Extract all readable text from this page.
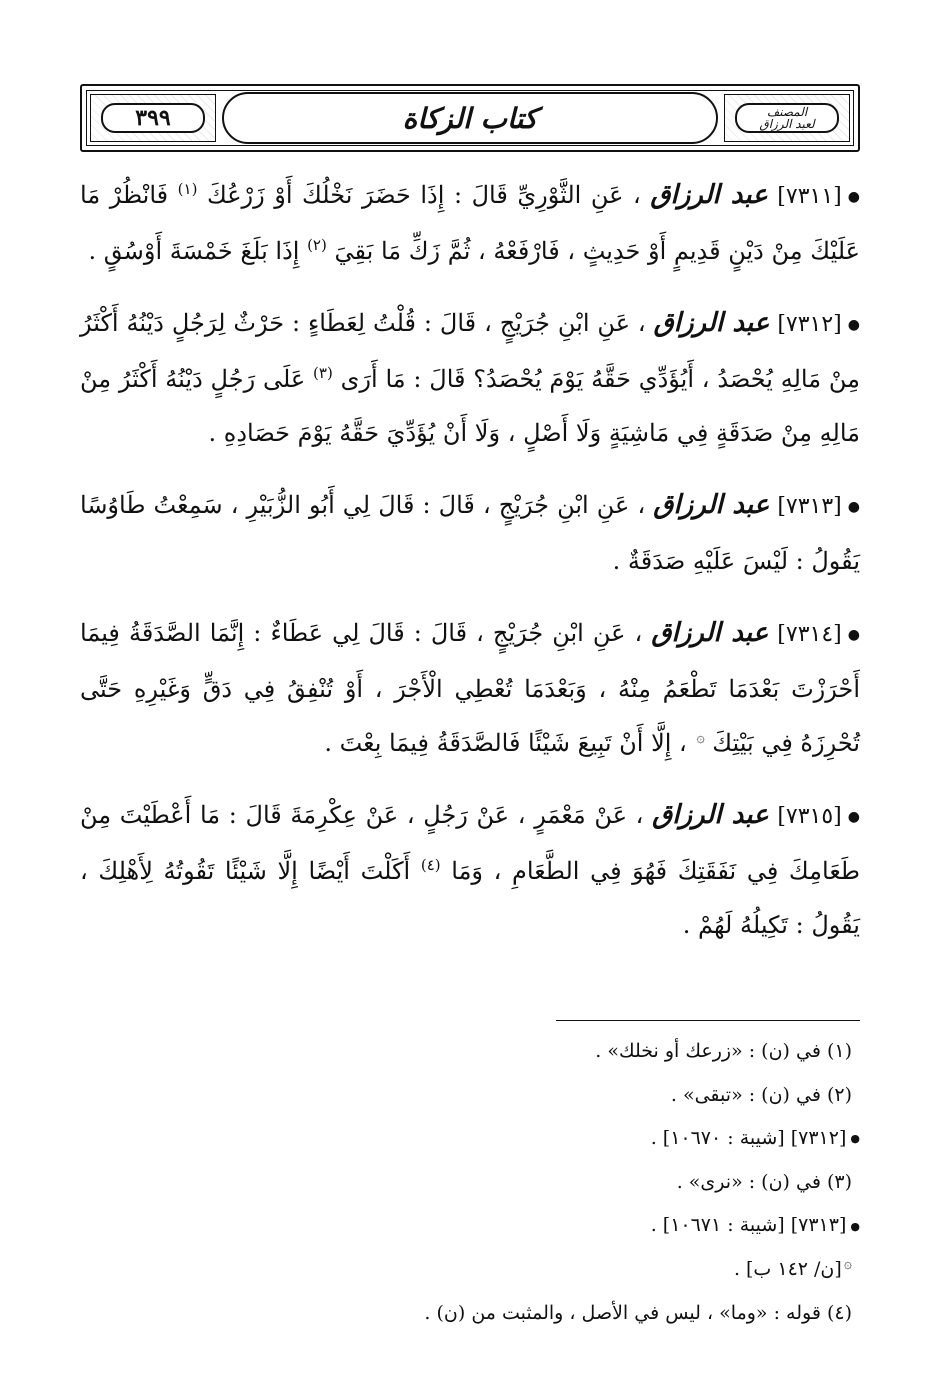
المصنف
لعبد الرزاق
كتاب الزكاة
٣٩٩

●[٧٣١١] عبد الرزاق ، عَنِ الثَّوْرِيِّ قَالَ : إِذَا حَضَرَ نَخْلُكَ أَوْ زَرْعُكَ $^{(١)}$ فَانْظُرْ مَا عَلَيْكَ مِنْ دَيْنٍ قَدِيمٍ أَوْ حَدِيثٍ ، فَارْفَعْهُ ، ثُمَّ زَكِّ مَا بَقِيَ $^{(٢)}$ إِذَا بَلَغَ خَمْسَةَ أَوْسُقٍ .

●[٧٣١٢] عبد الرزاق ، عَنِ ابْنِ جُرَيْجٍ ، قَالَ : قُلْتُ لِعَطَاءٍ : حَرْثٌ لِرَجُلٍ دَيْنُهُ أَكْثَرُ مِنْ مَالِهِ يُحْصَدُ ، أَيُؤَدِّي حَقَّهُ يَوْمَ يُحْصَدُ؟ قَالَ : مَا أَرَى $^{(٣)}$ عَلَى رَجُلٍ دَيْنُهُ أَكْثَرُ مِنْ مَالِهِ مِنْ صَدَقَةٍ فِي مَاشِيَةٍ وَلَا أَصْلٍ ، وَلَا أَنْ يُؤَدِّيَ حَقَّهُ يَوْمَ حَصَادِهِ .

●[٧٣١٣] عبد الرزاق ، عَنِ ابْنِ جُرَيْجٍ ، قَالَ : قَالَ لِي أَبُو الزُّبَيْرِ ، سَمِعْتُ طَاوُسًا يَقُولُ : لَيْسَ عَلَيْهِ صَدَقَةٌ .

●[٧٣١٤] عبد الرزاق ، عَنِ ابْنِ جُرَيْجٍ ، قَالَ : قَالَ لِي عَطَاءٌ : إِنَّمَا الصَّدَقَةُ فِيمَا أَحْرَزْتَ بَعْدَمَا تَطْعَمُ مِنْهُ ، وَبَعْدَمَا تُعْطِي الْأَجْرَ ، أَوْ تُنْفِقُ فِي دَقٍّ وَغَيْرِهِ حَتَّى تُحْرِزَهُ فِي بَيْتِكَ ۞ ، إِلَّا أَنْ تَبِيعَ شَيْئًا فَالصَّدَقَةُ فِيمَا بِعْتَ .

●[٧٣١٥] عبد الرزاق ، عَنْ مَعْمَرٍ ، عَنْ رَجُلٍ ، عَنْ عِكْرِمَةَ قَالَ : مَا أَعْطَيْتَ مِنْ طَعَامِكَ فِي نَفَقَتِكَ فَهُوَ فِي الطَّعَامِ ، وَمَا $^{(٤)}$ أَكَلْتَ أَيْضًا إِلَّا شَيْئًا تَقُوتُهُ لِأَهْلِكَ ، يَقُولُ : تَكِيلُهُ لَهُمْ .

(١) في (ن) : «زرعك أو نخلك» .

(٢) في (ن) : «تبقى» .

●[٧٣١٢] [شيبة : ١٠٦٧٠] .

(٣) في (ن) : «نرى» .

●[٧٣١٣] [شيبة : ١٠٦٧١] .

۞[ن/ ١٤٢ ب] .

(٤) قوله : «وما» ، ليس في الأصل ، والمثبت من (ن) .
